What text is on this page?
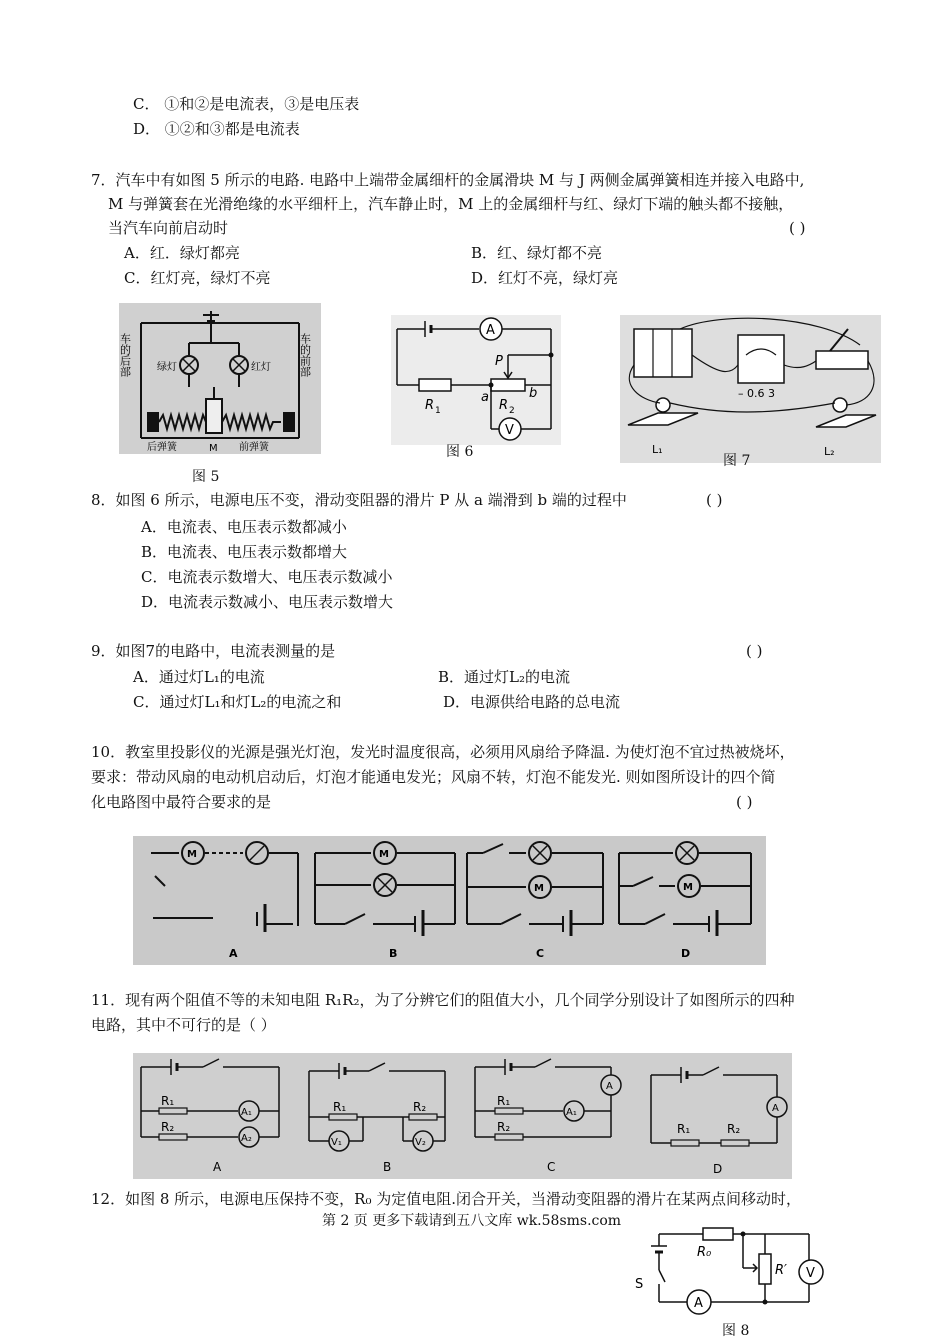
C． ①和②是电流表，③是电压表
D． ①②和③都是电流表
7．汽车中有如图 5 所示的电路. 电路中上端带金属细杆的金属滑块 M 与 J 两侧金属弹簧相连并接入电路中,
M 与弹簧套在光滑绝缘的水平细杆上，汽车静止时，M 上的金属细杆与红、绿灯下端的触头都不接触，
当汽车向前启动时	( )
A．红．绿灯都亮	B．红、绿灯都不亮
C．红灯亮，绿灯不亮	D．红灯不亮，绿灯亮
车的后部	车的前部
绿灯	红灯
M
后弹簧	前弹簧
图 5
A
P
a	b
R 1	R 2
V
图 6
– 0.6 3
L₁	L₂
图 7
8．如图 6 所示，电源电压不变，滑动变阻器的滑片 P 从 a 端滑到 b 端的过程中	( )
A．电流表、电压表示数都减小
B．电流表、电压表示数都增大
C．电流表示数增大、电压表示数减小
D．电流表示数减小、电压表示数增大
9．如图7的电路中，电流表测量的是	( )
A．通过灯L₁的电流	B．通过灯L₂的电流
C．通过灯L₁和灯L₂的电流之和	D．电源供给电路的总电流
10．教室里投影仪的光源是强光灯泡，发光时温度很高，必须用风扇给予降温. 为使灯泡不宜过热被烧坏，
要求：带动风扇的电动机启动后，灯泡才能通电发光；风扇不转，灯泡不能发光. 则如图所设计的四个简
化电路图中最符合要求的是	( )
M
A
M
B
M
C
M
D
11．现有两个阻值不等的未知电阻 R₁R₂，为了分辨它们的阻值大小，几个同学分别设计了如图所示的四种
电路，其中不可行的是（ ）
R₁
A₁
R₂
A₂
A
R₁	R₂
V₁	V₂
B
A
R₁
A₁
R₂
C
A
R₁	R₂
D
12．如图 8 所示，电源电压保持不变，R₀ 为定值电阻.闭合开关，当滑动变阻器的滑片在某两点间移动时，
第 2 页 更多下载请到五八文库 wk.58sms.com
R₀
R′ V
S
A
图 8
